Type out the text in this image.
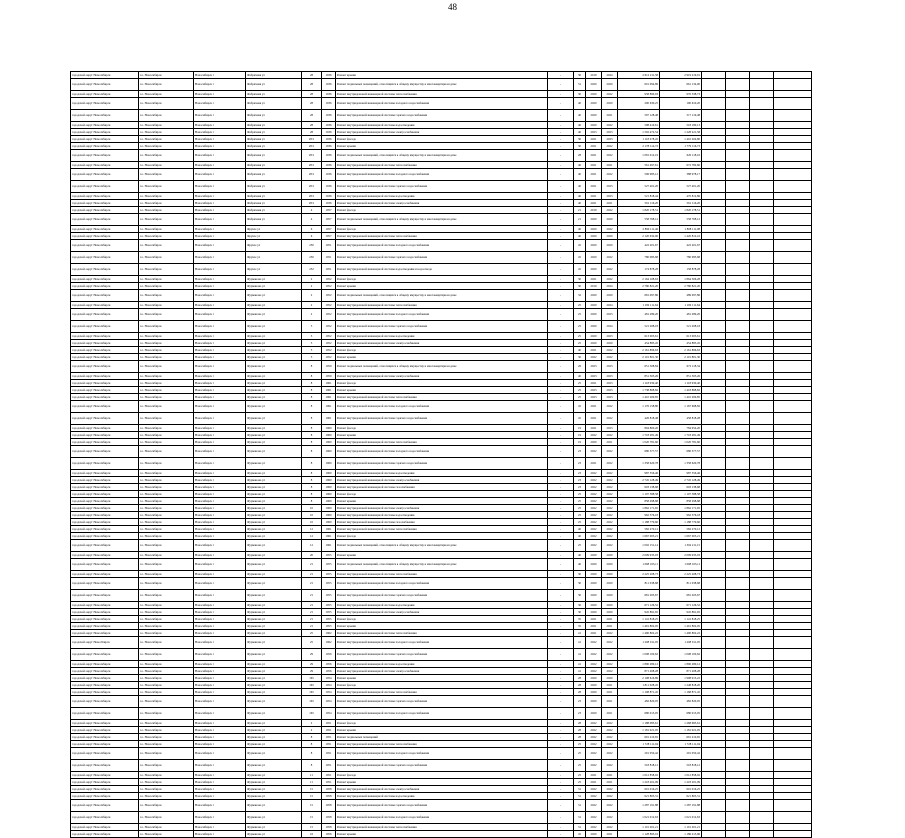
48
городской округ Новосибирск	г.о. Новосибирск	Новосибирск г	Фабричная ул	28	1936	Ремонт крыши	-	30	2019	2024	2 612 211,58	2 919 219,91				
городской округ Новосибирск	г.о. Новосибирск	Новосибирск г	Фабричная ул	28	1936	Ремонт подвальных помещений, относящихся к общему имуществу в многоквартирном доме	-	31	2020	2020	601 094,89	661 134,00				
городской округ Новосибирск	г.о. Новосибирск	Новосибирск г	Фабричная ул	28	1936	Ремонт внутридомовой инженерной системы теплоснабжения	-	30	2020	2022	958 890,93	970 338,73				
городской округ Новосибирск	г.о. Новосибирск	Новосибирск г	Фабричная ул	28	1936	Ремонт внутридомовой инженерной системы холодного водоснабжения	-	40	2020	2020	200 630,25	190 610,20				
городской округ Новосибирск	г.о. Новосибирск	Новосибирск г	Фабричная ул	28	1936	Ремонт внутридомовой инженерной системы горячего водоснабжения	-	40	2020	2021	597 128,48	517 119,48				
городской округ Новосибирск	г.о. Новосибирск	Новосибирск г	Фабричная ул	28	1936	Ремонт внутридомовой инженерной системы водоотведения	-	40	2020	2022	598 410,61	518 180,13				
городской округ Новосибирск	г.о. Новосибирск	Новосибирск г	Фабричная ул	28	1936	Ремонт внутридомовой инженерной системы электроснабжения	-	40	2023	2023	1 502 472,54	1 228 221,58				
городской округ Новосибирск	г.о. Новосибирск	Новосибирск г	Фабричная ул	28/1	1936	Ремонт фасада	-	30	2021	2023	1 118 278,45	1 410 204,80				
городской округ Новосибирск	г.о. Новосибирск	Новосибирск г	Фабричная ул	28/1	1936	Ремонт крыши	-	30	2021	2022	2 178 114,72	1 779 116,73				
городской округ Новосибирск	г.о. Новосибирск	Новосибирск г	Фабричная ул	28/1	1936	Ремонт подвальных помещений, относящихся к общему имуществу в многоквартирном доме	-	28	2021	2022	1 081 012,19	620 118,16				
городской округ Новосибирск	г.о. Новосибирск	Новосибирск г	Фабричная ул	28/1	1936	Ремонт внутридомовой инженерной системы теплоснабжения	-	40	2021	2021	561 497,61	672 782,60				
городской округ Новосибирск	г.о. Новосибирск	Новосибирск г	Фабричная ул	28/1	1936	Ремонт внутридомовой инженерной системы холодного водоснабжения	-	40	2021	2022	506 983,12	388 978,17				
городской округ Новосибирск	г.о. Новосибирск	Новосибирск г	Фабричная ул	28/1	1936	Ремонт внутридомовой инженерной системы горячего водоснабжения	-	40	2021	2023	527 401,20	527 401,20				
городской округ Новосибирск	г.о. Новосибирск	Новосибирск г	Фабричная ул	28/1	1936	Ремонт внутридомовой инженерной системы водоотведения	-	40	2021	2023	521 818,44	470 812,86				
городской округ Новосибирск	г.о. Новосибирск	Новосибирск г	Фабричная ул	28/1	1936	Ремонт внутридомовой инженерной системы электроснабжения	-	40	2021	2021	561 116,20	561 116,20				
городской округ Новосибирск	г.о. Новосибирск	Новосибирск г	Фабричная ул	4	1957	Ремонт фасада	-	21	2019	2022	1 820 178,51	1 820 178,51				
городской округ Новосибирск	г.о. Новосибирск	Новосибирск г	Фабричная ул	4	1957	Ремонт подвальных помещений, относящихся к общему имуществу в многоквартирном доме	-	21	2020	2020	558 768,12	558 768,12				
городской округ Новосибирск	г.о. Новосибирск	Новосибирск г	Фрунзе ул	6	1957	Ремонт фасада	-	40	2020	2022	2 890 111,46	1 808 111,08				
городской округ Новосибирск	г.о. Новосибирск	Новосибирск г	Фрунзе ул	6	1957	Ремонт внутридомовой инженерной системы теплоснабжения	-	40	2020	2020	2 120 632,90	1 420 812,16				
городской округ Новосибирск	г.о. Новосибирск	Новосибирск г	Фрунзе ул	230	1951	Ремонт внутридомовой инженерной системы холодного водоснабжения	-	45	2020	2020	422 201,67	422 201,67				
городской округ Новосибирск	г.о. Новосибирск	Новосибирск г	Фрунзе ул	230	1951	Ремонт внутридомовой инженерной системы горячего водоснабжения	-	45	2020	2022	780 083,68	780 083,68				
городской округ Новосибирск	г.о. Новосибирск	Новосибирск г	Фрунзе ул	232	1951	Ремонт внутридомовой инженерной системы водоотведения и водоотвода	-	45	2020	2022	174 878,28	158 878,28				
городской округ Новосибирск	г.о. Новосибирск	Новосибирск г	Фурманова ул	2	1952	Ремонт фасада	-	30	2021	2022	2 164 108,63	1 864 306,28				
городской округ Новосибирск	г.о. Новосибирск	Новосибирск г	Фурманова ул	2	1952	Ремонт крыши	-	30	2019	2024	2 780 821,20	2 780 821,20				
городской округ Новосибирск	г.о. Новосибирск	Новосибирск г	Фурманова ул	2	1952	Ремонт подвальных помещений, относящихся к общему имуществу в многоквартирном доме	-	32	2020	2020	681 097,86	489 097,86				
городской округ Новосибирск	г.о. Новосибирск	Новосибирск г	Фурманова ул	2	1952	Ремонт внутридомовой инженерной системы теплоснабжения	-	25	2020	2024	1 182 111,64	1 182 111,64				
городской округ Новосибирск	г.о. Новосибирск	Новосибирск г	Фурманова ул	2	1952	Ремонт внутридомовой инженерной системы холодного водоснабжения	-	25	2020	2023	481 289,20	481 289,20				
городской округ Новосибирск	г.о. Новосибирск	Новосибирск г	Фурманова ул	3	1952	Ремонт внутридомовой инженерной системы горячего водоснабжения	-	25	2020	2024	521 208,18	521 208,18				
городской округ Новосибирск	г.о. Новосибирск	Новосибирск г	Фурманова ул	3	1952	Ремонт внутридомовой инженерной системы водоотведения	-	25	2020	2023	613 003,61	613 003,61				
городской округ Новосибирск	г.о. Новосибирск	Новосибирск г	Фурманова ул	3	1952	Ремонт внутридомовой инженерной системы электроснабжения	-	25	2020	2020	454 885,45	454 885,45				
городской округ Новосибирск	г.о. Новосибирск	Новосибирск г	Фурманова ул	3	1952	Ремонт фасада	-	40	2021	2022	2 161 896,63	2 161 896,63				
городской округ Новосибирск	г.о. Новосибирск	Новосибирск г	Фурманова ул	3	1952	Ремонт крыши	-	30	2022	2022	2 101 801,30	2 101 801,30				
городской округ Новосибирск	г.о. Новосибирск	Новосибирск г	Фурманова ул	8	1959	Ремонт подвальных помещений, относящихся к общему имуществу в многоквартирном доме	-	26	2023	2023	651 308,84	672 118,34				
городской округ Новосибирск	г.о. Новосибирск	Новосибирск г	Фурманова ул	8	1959	Ремонт внутридомовой инженерной системы электроснабжения	-	40	2023	2023	851 303,26	851 303,26				
городской округ Новосибирск	г.о. Новосибирск	Новосибирск г	Фурманова ул	8	1961	Ремонт фасада	-	25	2021	2023	1 118 930,40	1 118 930,40				
городской округ Новосибирск	г.о. Новосибирск	Новосибирск г	Фурманова ул	8	1961	Ремонт крыши	-	25	2023	2023	1 738 868,82	1 418 868,82				
городской округ Новосибирск	г.о. Новосибирск	Новосибирск г	Фурманова ул	8	1961	Ремонт внутридомовой инженерной системы теплоснабжения	-	25	2023	2023	1 410 209,85	1 410 209,85				
городской округ Новосибирск	г.о. Новосибирск	Новосибирск г	Фурманова ул	8	1961	Ремонт внутридомовой инженерной системы холодного водоснабжения	-	45	2021	2022	1 176 158,80	1 167 698,82				
городской округ Новосибирск	г.о. Новосибирск	Новосибирск г	Фурманова ул	8	1961	Ремонт внутридомовой инженерной системы горячего водоснабжения	-	45	2021	2022	426 818,48	458 818,28				
городской округ Новосибирск	г.о. Новосибирск	Новосибирск г	Фурманова ул	8	1960	Ремонт фасада	-	19	2021	2023	804 800,20	784 954,20				
городской округ Новосибирск	г.о. Новосибирск	Новосибирск г	Фурманова ул	8	1960	Ремонт крыши	-	19	2022	2022	1 718 281,49	1 718 281,49				
городской округ Новосибирск	г.о. Новосибирск	Новосибирск г	Фурманова ул	8	1960	Ремонт внутридомовой инженерной системы теплоснабжения	-	19	2020	2021	1 020 781,60	1 020 781,60				
городской округ Новосибирск	г.о. Новосибирск	Новосибирск г	Фурманова ул	8	1960	Ремонт внутридомовой инженерной системы холодного водоснабжения	-	23	2022	2022	680 377,57	680 377,57				
городской округ Новосибирск	г.о. Новосибирск	Новосибирск г	Фурманова ул	8	1960	Ремонт внутридомовой инженерной системы горячего водоснабжения	-	23	2021	2022	1 358 620,78	1 358 620,78				
городской округ Новосибирск	г.о. Новосибирск	Новосибирск г	Фурманова ул	8	1960	Ремонт внутридомовой инженерной системы водоотведения	-	23	2022	2022	987 556,46	987 556,46				
городской округ Новосибирск	г.о. Новосибирск	Новосибирск г	Фурманова ул	8	1960	Ремонт внутридомовой инженерной системы электроснабжения	-	23	2022	2022	2 745 128,49	2 745 128,49				
городской округ Новосибирск	г.о. Новосибирск	Новосибирск г	Фурманова ул	8	1960	Ремонт внутридомовой инженерной системы газоснабжения	-	23	2022	2022	603 138,68	603 138,68				
городской округ Новосибирск	г.о. Новосибирск	Новосибирск г	Фурманова ул	8	1960	Ремонт фасада	-	25	2022	2022	1 107 588,58	1 107 588,58				
городской округ Новосибирск	г.о. Новосибирск	Новосибирск г	Фурманова ул	8	1960	Ремонт крыши	-	25	2022	2022	858 298,68	858 298,68				
городской округ Новосибирск	г.о. Новосибирск	Новосибирск г	Фурманова ул	10	1960	Ремонт внутридомовой инженерной системы электроснабжения	-	25	2022	2022	1 862 171,65	1 862 171,65				
городской округ Новосибирск	г.о. Новосибирск	Новосибирск г	Фурманова ул	10	1960	Ремонт внутридомовой инженерной системы водоотведения	-	25	2022	2022	962 576,18	962 576,18				
городской округ Новосибирск	г.о. Новосибирск	Новосибирск г	Фурманова ул	10	1960	Ремонт внутридомовой инженерной системы газоснабжения	-	25	2022	2022	1 188 779,60	1 188 779,60				
городской округ Новосибирск	г.о. Новосибирск	Новосибирск г	Фурманова ул	12	1961	Ремонт внутридомовой инженерной системы теплоснабжения	-	40	2022	2022	582 270,12	582 270,12				
городской округ Новосибирск	г.о. Новосибирск	Новосибирск г	Фурманова ул	12	1961	Ремонт фасада	-	40	2022	2022	1 667 003,21	1 667 003,21				
городской округ Новосибирск	г.о. Новосибирск	Новосибирск г	Фурманова ул	12	1961	Ремонт подвальных помещений, относящихся к общему имуществу в многоквартирном доме	-	25	2022	2022	1 002 151,14	1 304 211,15				
городской округ Новосибирск	г.о. Новосибирск	Новосибирск г	Фурманова ул	20	1955	Ремонт крыши	-	40	2020	2020	2 009 933,03	2 009 933,03				
городской округ Новосибирск	г.о. Новосибирск	Новосибирск г	Фурманова ул	21	1955	Ремонт подвальных помещений, относящихся к общему имуществу в многоквартирном доме	-	40	2020	2020	1 068 163,11	1 068 163,11				
городской округ Новосибирск	г.о. Новосибирск	Новосибирск г	Фурманова ул	21	1955	Ремонт внутридомовой инженерной системы теплоснабжения	-	30	2020	2020	2 225 208,73	2 225 208,73				
городской округ Новосибирск	г.о. Новосибирск	Новосибирск г	Фурманова ул	21	1955	Ремонт внутридомовой инженерной системы холодного водоснабжения	-	30	2020	2020	811 038,68	811 038,68				
городской округ Новосибирск	г.о. Новосибирск	Новосибирск г	Фурманова ул	21	1955	Ремонт внутридомовой инженерной системы горячего водоснабжения	-	30	2020	2020	681 203,67	681 203,67				
городской округ Новосибирск	г.о. Новосибирск	Новосибирск г	Фурманова ул	21	1955	Ремонт внутридомовой инженерной системы водоотведения	-	30	2020	2020	671 126,52	671 126,52				
городской округ Новосибирск	г.о. Новосибирск	Новосибирск г	Фурманова ул	21	1955	Ремонт внутридомовой инженерной системы электроснабжения	-	30	2020	2020	945 891,65	945 891,65				
городской округ Новосибирск	г.о. Новосибирск	Новосибирск г	Фурманова ул	21	1955	Ремонт фасада	-	35	2021	2021	1 141 818,25	1 141 818,25				
городской округ Новосибирск	г.о. Новосибирск	Новосибирск г	Фурманова ул	21	1955	Ремонт крыши	-	35	2021	2021	1 491 802,05	1 491 802,05				
городской округ Новосибирск	г.о. Новосибирск	Новосибирск г	Фурманова ул	25	1962	Ремонт внутридомовой инженерной системы теплоснабжения	-	41	2021	2022	1 490 802,22	1 490 802,22				
городской округ Новосibирск	г.о. Новосибирск	Новосибирск г	Фурманова ул	25	1962	Ремонт внутридомовой инженерной системы холодного водоснабжения	-	41	2022	2022	1 208 011,05	1 208 011,05				
городской округ Новосибирск	г.о. Новосибирск	Новосибирск г	Фурманова ул	29	1956	Ремонт внутридомовой инженерной системы горячего водоснабжения	-	41	2022	2022	1 008 100,62	1 008 100,62				
городской округ Новосибирск	г.о. Новосибирск	Новосибирск г	Фурманова ул	29	1956	Ремонт внутридомовой инженерной системы водоотведения	-	41	2022	2022	1 890 280,12	1 890 280,12				
городской округ Новосибирск	г.о. Новосибирск	Новосибирск г	Фурманова ул	29	1956	Ремонт внутридомовой инженерной системы электроснабжения	-	41	2022	2022	871 208,28	871 208,28				
городской округ Новосибирск	г.о. Новосибирск	Новосибирск г	Фурманова ул	165	1954	Ремонт крыши	-	28	2020	2020	2 108 616,89	1 998 913,22				
городской округ Новосибирск	г.о. Новосибирск	Новосибирск г	Фурманова ул	165	1954	Ремонт фасада	-	28	2020	2021	1 811 028,45	1 248 818,20				
городской округ Новосибирск	г.о. Новосибирск	Новосибирск г	Фурманова ул	165	1954	Ремонт внутридомовой инженерной системы теплоснабжения	-	28	2020	2021	1 108 871,45	1 168 871,45				
городской округ Новосибирск	г.о. Новосибирск	Новосибирск г	Фурманова ул	165	1954	Ремонт внутридомовой инженерной системы горячего водоснабжения	-	23	2020	2021	482 820,05	482 820,05				
городской округ Новосибирск	г.о. Новосибирск	Новосибирск г	Фурманова ул	165	1954	Ремонт внутридомовой инженерной системы холодного водоснабжения	-	23	2020	2021	680 013,05	680 013,05				
городской округ Новосибирск	г.о. Новосибирск	Новосибирск г	Фурманова ул	2	1951	Ремонт фасада	-	28	2022	2022	1 188 085,61	1 268 685,61				
городской округ Новосибирск	г.о. Новосибирск	Новосибирск г	Фурманова ул	2	1951	Ремонт крыши	-	28	2022	2022	1 181 021,05	1 181 021,05				
городской округ Новосибирск	г.о. Новосибирск	Новосибирск г	Фурманова ул	8	1951	Ремонт подвальных помещений	-	28	2022	2022	691 210,65	691 210,65				
городской округ Новосибирск	г.о. Новосибирск	Новосибирск г	Фурманова ул	8	1951	Ремонт внутридомовой инженерной системы теплоснабжения	-	25	2022	2022	1 728 111,04	1 728 111,04				
городской округ Новосибирск	г.о. Новосибирск	Новосибирск г	Фурманова ул	8	1951	Ремонт внутридомовой инженерной системы холодного водоснабжения	-	25	2022	2022	291 050,42	291 050,42				
городской округ Новосибирск	г.о. Новосибирск	Новосибирск г	Фурманова ул	8	1951	Ремонт внутридомовой инженерной системы горячего водоснабжения	-	25	2022	2022	518 818,12	518 818,12				
городской округ Новосибирск	г.о. Новосибирск	Новосибирск г	Фурманова ул	11	1951	Ремонт фасада	-	25	2021	2021	1 012 858,02	1 012 858,02				
городской округ Новосибирск	г.о. Новосибирск	Новосибирск г	Фурманова ул	11	1951	Ремонт крыши	-	25	2021	2021	1 218 201,09	1 218 201,09				
городской округ Новосибирск	г.о. Новосибирск	Новосибирск г	Фурманова ул	15	1958	Ремонт внутридомовой инженерной системы электроснабжения	-	31	2022	2022	601 016,25	601 016,25				
городской округ Новосибирск	г.о. Новосибирск	Новосибирск г	Фурманова ул	15	1958	Ремонт внутридомовой инженерной системы водоотведения	-	31	2022	2022	621 805,31	621 805,31				
городской округ Новосибирск	г.о. Новосибирск	Новосибирск г	Фурманова ул	15	1958	Ремонт внутридомовой инженерной системы горячего водоснабжения	-	31	2022	2022	1 287 191,88	1 287 191,88				
городской округ Новосибирск	г.о. Новосибирск	Новосибирск г	Фурманова ул	15	1958	Ремонт внутридомовой инженерной системы холодного водоснабжения	-	31	2022	2022	1 021 012,63	1 021 012,63				
городской округ Новосибирск	г.о. Новосибирск	Новосибирск г	Фурманова ул	15	1958	Ремонт внутридомовой инженерной системы теплоснабжения	-	31	2022	2022	1 101 201,21	1 101 201,21				
городской округ Новосибирск	г.о. Новосибирск	Новосибирск г	Фурманова ул	16	1956	Ремонт крыши	-	45	2020	2021	1 128 893,16	1 186 213,96				
